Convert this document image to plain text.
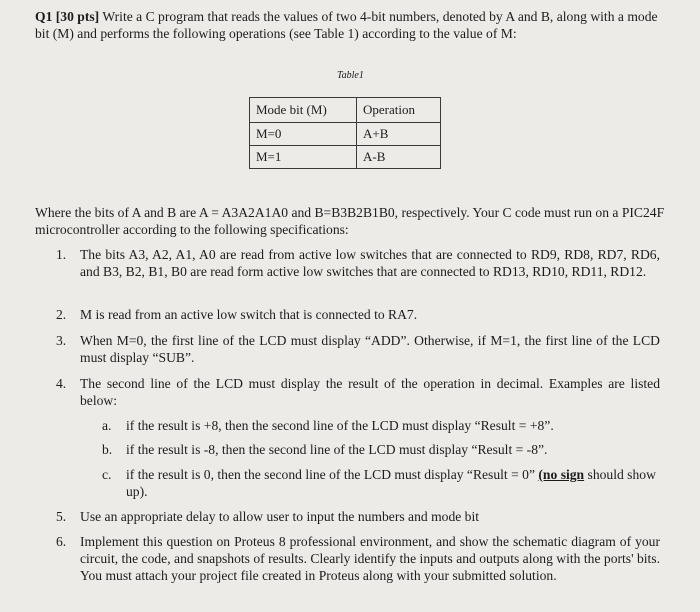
Q1 [30 pts] Write a C program that reads the values of two 4-bit numbers, denoted by A and B, along with a mode bit (M) and performs the following operations (see Table 1) according to the value of M:
Table1
Mode bit (M)	Operation
M=0	A+B
M=1	A-B
Where the bits of A and B are A = A3A2A1A0 and B=B3B2B1B0, respectively. Your C code must run on a PIC24F microcontroller according to the following specifications:
1. The bits A3, A2, A1, A0 are read from active low switches that are connected to RD9, RD8, RD7, RD6, and B3, B2, B1, B0 are read form active low switches that are connected to RD13, RD10, RD11, RD12.
2. M is read from an active low switch that is connected to RA7.
3. When M=0, the first line of the LCD must display “ADD”. Otherwise, if M=1, the first line of the LCD must display “SUB”.
4. The second line of the LCD must display the result of the operation in decimal. Examples are listed below:
a. if the result is +8, then the second line of the LCD must display “Result = +8”.
b. if the result is -8, then the second line of the LCD must display “Result = -8”.
c. if the result is 0, then the second line of the LCD must display “Result = 0” (no sign should show up).
5. Use an appropriate delay to allow user to input the numbers and mode bit
6. Implement this question on Proteus 8 professional environment, and show the schematic diagram of your circuit, the code, and snapshots of results. Clearly identify the inputs and outputs along with the ports' bits. You must attach your project file created in Proteus along with your submitted solution.
